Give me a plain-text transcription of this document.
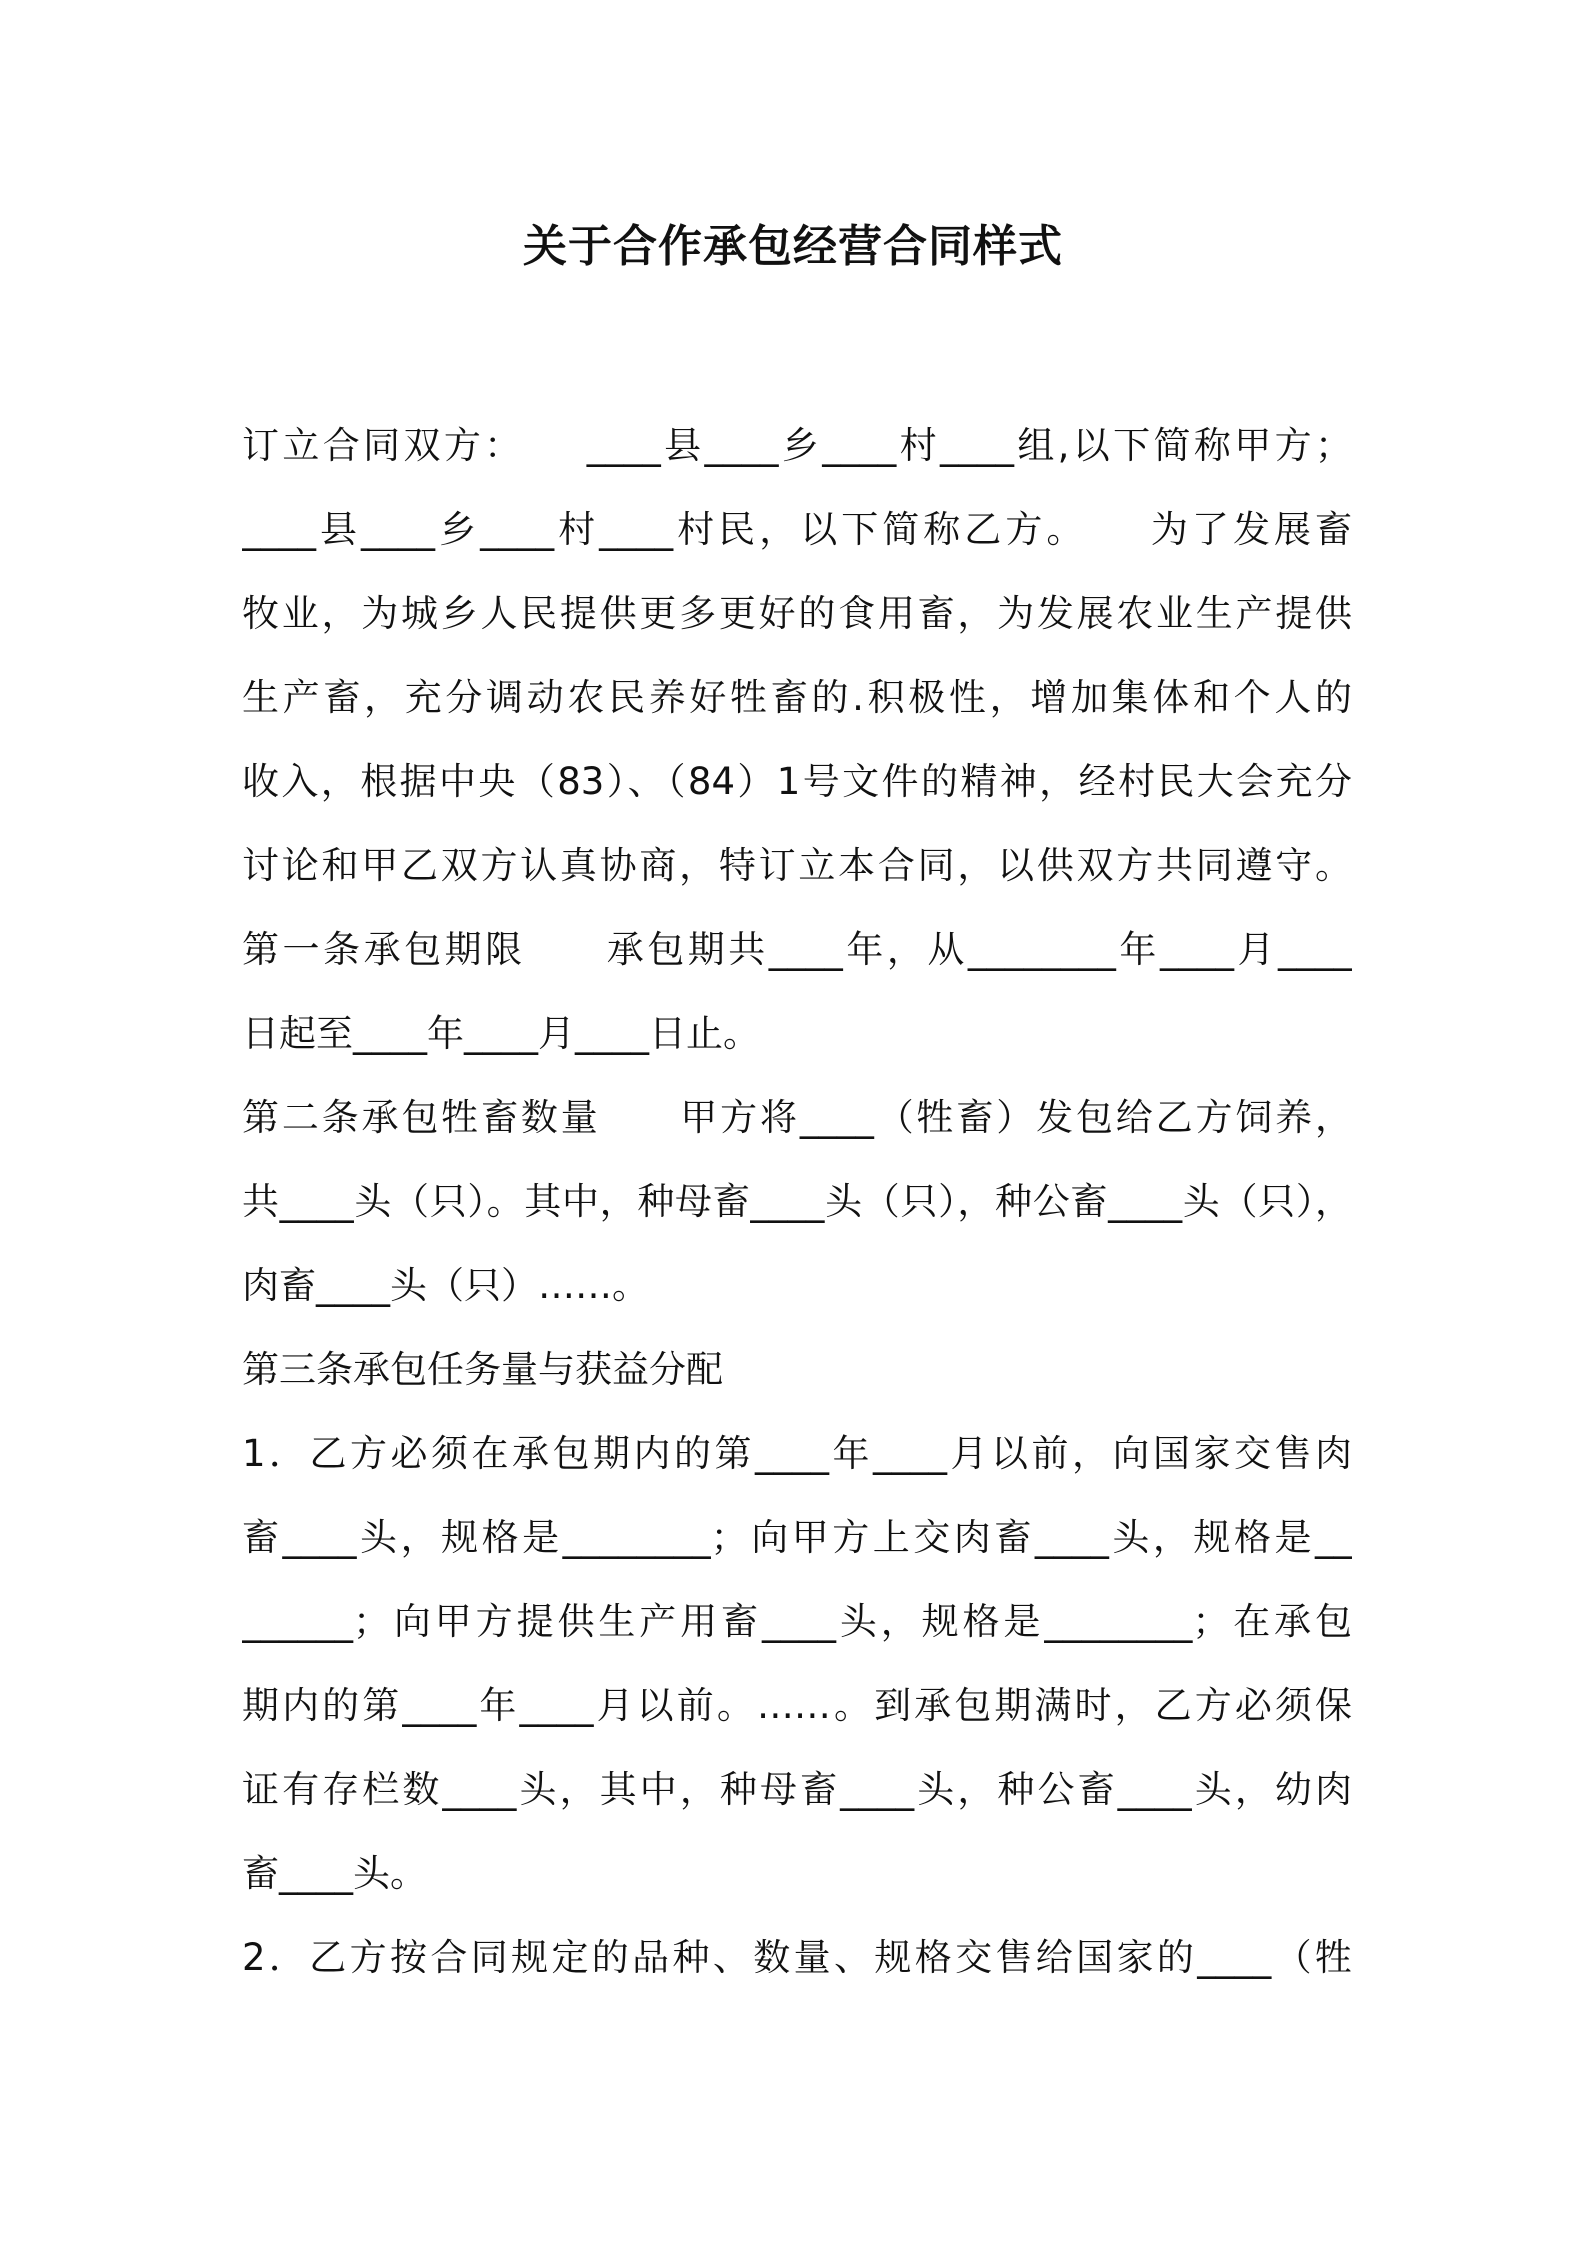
关于合作承包经营合同样式
订立合同双方：　　____县____乡____村____组,以下简称甲方；
____县____乡____村____村民，以下简称乙方。　　为了发展畜
牧业，为城乡人民提供更多更好的食用畜，为发展农业生产提供
生产畜，充分调动农民养好牲畜的.积极性，增加集体和个人的
收入，根据中央（83）、（84）1号文件的精神，经村民大会充分
讨论和甲乙双方认真协商，特订立本合同，以供双方共同遵守。
第一条承包期限　　承包期共____年，从________年____月____
日起至____年____月____日止。
第二条承包牲畜数量　　甲方将____（牲畜）发包给乙方饲养，
共____头（只）。其中，种母畜____头（只），种公畜____头（只），
肉畜____头（只）……。
第三条承包任务量与获益分配
1．乙方必须在承包期内的第____年____月以前，向国家交售肉
畜____头，规格是________；向甲方上交肉畜____头，规格是__
______；向甲方提供生产用畜____头，规格是________；在承包
期内的第____年____月以前。……。到承包期满时，乙方必须保
证有存栏数____头，其中，种母畜____头，种公畜____头，幼肉
畜____头。
2．乙方按合同规定的品种、数量、规格交售给国家的____（牲
